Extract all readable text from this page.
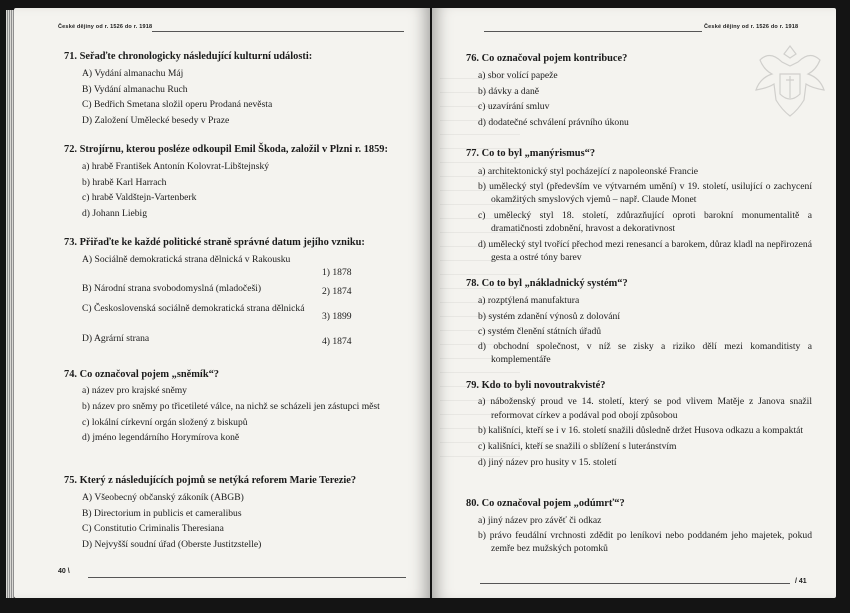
České dějiny od r. 1526 do r. 1918
71. Seřaďte chronologicky následující kulturní události:
A) Vydání almanachu Máj
B) Vydání almanachu Ruch
C) Bedřich Smetana složil operu Prodaná nevěsta
D) Založení Umělecké besedy v Praze
72. Strojírnu, kterou posléze odkoupil Emil Škoda, založil v Plzni r. 1859:
a) hrabě František Antonín Kolovrat-Libštejnský
b) hrabě Karl Harrach
c) hrabě Valdštejn-Vartenberk
d) Johann Liebig
73. Přiřaďte ke každé politické straně správné datum jejího vzniku:
A) Sociálně demokratická strana dělnická v Rakousku
1) 1878
B) Národní strana svobodomyslná (mladočeši)	2) 1874
C) Československá sociálně demokratická strana dělnická
3) 1899
D) Agrární strana	4) 1874
74. Co označoval pojem „sněmík“?
a) název pro krajské sněmy
b) název pro sněmy po třicetileté válce, na nichž se scházeli jen zástupci měst
c) lokální církevní orgán složený z biskupů
d) jméno legendárního Horymírova koně
75. Který z následujících pojmů se netýká reforem Marie Terezie?
A) Všeobecný občanský zákoník (ABGB)
B) Directorium in publicis et cameralibus
C) Constitutio Criminalis Theresiana
D) Nejvyšší soudní úřad (Oberste Justitzstelle)
40 \
České dějiny od r. 1526 do r. 1918
76. Co označoval pojem kontribuce?
a) sbor volící papeže
b) dávky a daně
c) uzavírání smluv
d) dodatečné schválení právního úkonu
77. Co to byl „manýrismus“?
a) architektonický styl pocházející z napoleonské Francie
b) umělecký styl (především ve výtvarném umění) v 19. století, usilující o zachycení okamžitých smyslových vjemů – např. Claude Monet
c) umělecký styl 18. století, zdůrazňující oproti barokní monumentalitě a dramatičnosti zdobnění, hravost a dekorativnost
d) umělecký styl tvořící přechod mezi renesancí a barokem, důraz kladl na nepřirozená gesta a ostré tóny barev
78. Co to byl „nákladnický systém“?
a) rozptýlená manufaktura
b) systém zdanění výnosů z dolování
c) systém členění státních úřadů
d) obchodní společnost, v níž se zisky a riziko dělí mezi komanditisty a komplementáře
79. Kdo to byli novoutrakvisté?
a) náboženský proud ve 14. století, který se pod vlivem Matěje z Janova snažil reformovat církev a podával pod obojí způsobou
b) kališníci, kteří se i v 16. století snažili důsledně držet Husova odkazu a kompaktát
c) kališníci, kteří se snažili o sblížení s luteránstvím
d) jiný název pro husity v 15. století
80. Co označoval pojem „odúmrť“?
a) jiný název pro závěť či odkaz
b) právo feudální vrchnosti zdědit po leníkovi nebo poddaném jeho majetek, pokud zemře bez mužských potomků
/ 41
